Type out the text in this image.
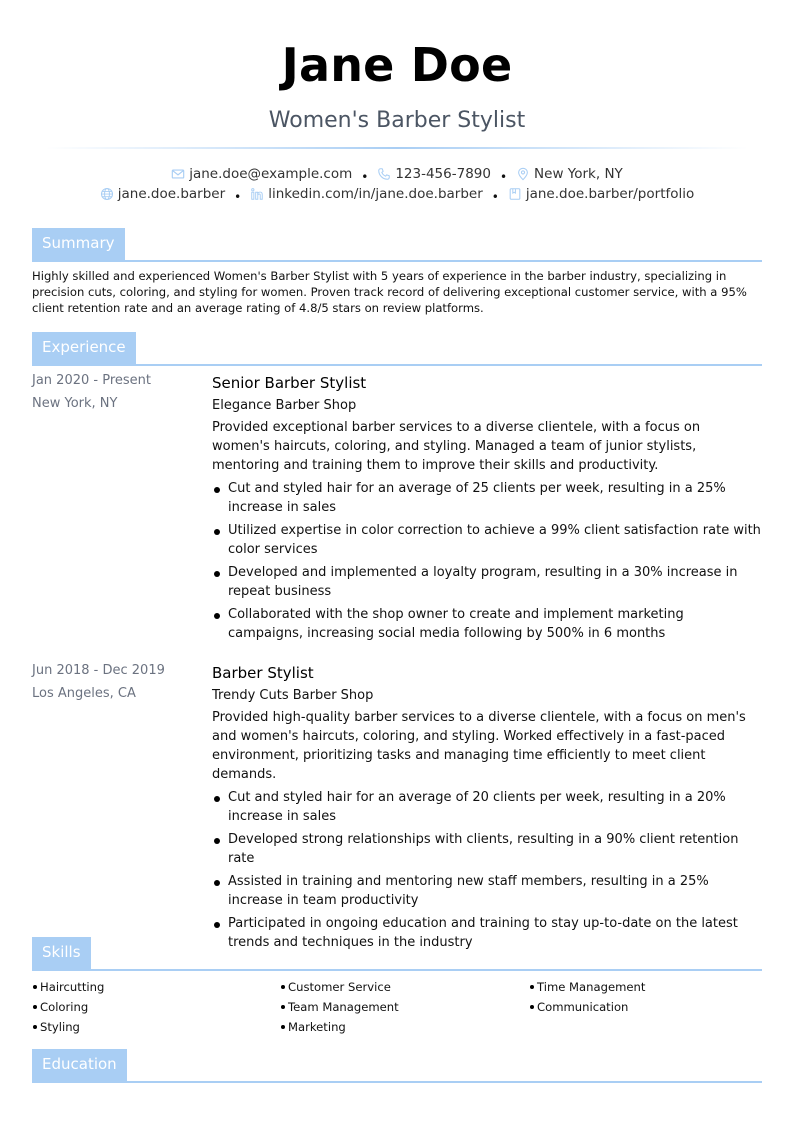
Jane Doe
Women's Barber Stylist
jane.doe@example.com • 123-456-7890 • New York, NY
jane.doe.barber • linkedin.com/in/jane.doe.barber • jane.doe.barber/portfolio
Summary
Highly skilled and experienced Women's Barber Stylist with 5 years of experience in the barber industry, specializing in precision cuts, coloring, and styling for women. Proven track record of delivering exceptional customer service, with a 95% client retention rate and an average rating of 4.8/5 stars on review platforms.
Experience
Jan 2020 - Present
New York, NY
Senior Barber Stylist
Elegance Barber Shop
Provided exceptional barber services to a diverse clientele, with a focus on women's haircuts, coloring, and styling. Managed a team of junior stylists, mentoring and training them to improve their skills and productivity.
Cut and styled hair for an average of 25 clients per week, resulting in a 25% increase in sales
Utilized expertise in color correction to achieve a 99% client satisfaction rate with color services
Developed and implemented a loyalty program, resulting in a 30% increase in repeat business
Collaborated with the shop owner to create and implement marketing campaigns, increasing social media following by 500% in 6 months
Jun 2018 - Dec 2019
Los Angeles, CA
Barber Stylist
Trendy Cuts Barber Shop
Provided high-quality barber services to a diverse clientele, with a focus on men's and women's haircuts, coloring, and styling. Worked effectively in a fast-paced environment, prioritizing tasks and managing time efficiently to meet client demands.
Cut and styled hair for an average of 20 clients per week, resulting in a 20% increase in sales
Developed strong relationships with clients, resulting in a 90% client retention rate
Assisted in training and mentoring new staff members, resulting in a 25% increase in team productivity
Participated in ongoing education and training to stay up-to-date on the latest trends and techniques in the industry
Skills
Haircutting
Coloring
Styling
Customer Service
Team Management
Marketing
Time Management
Communication
Education
